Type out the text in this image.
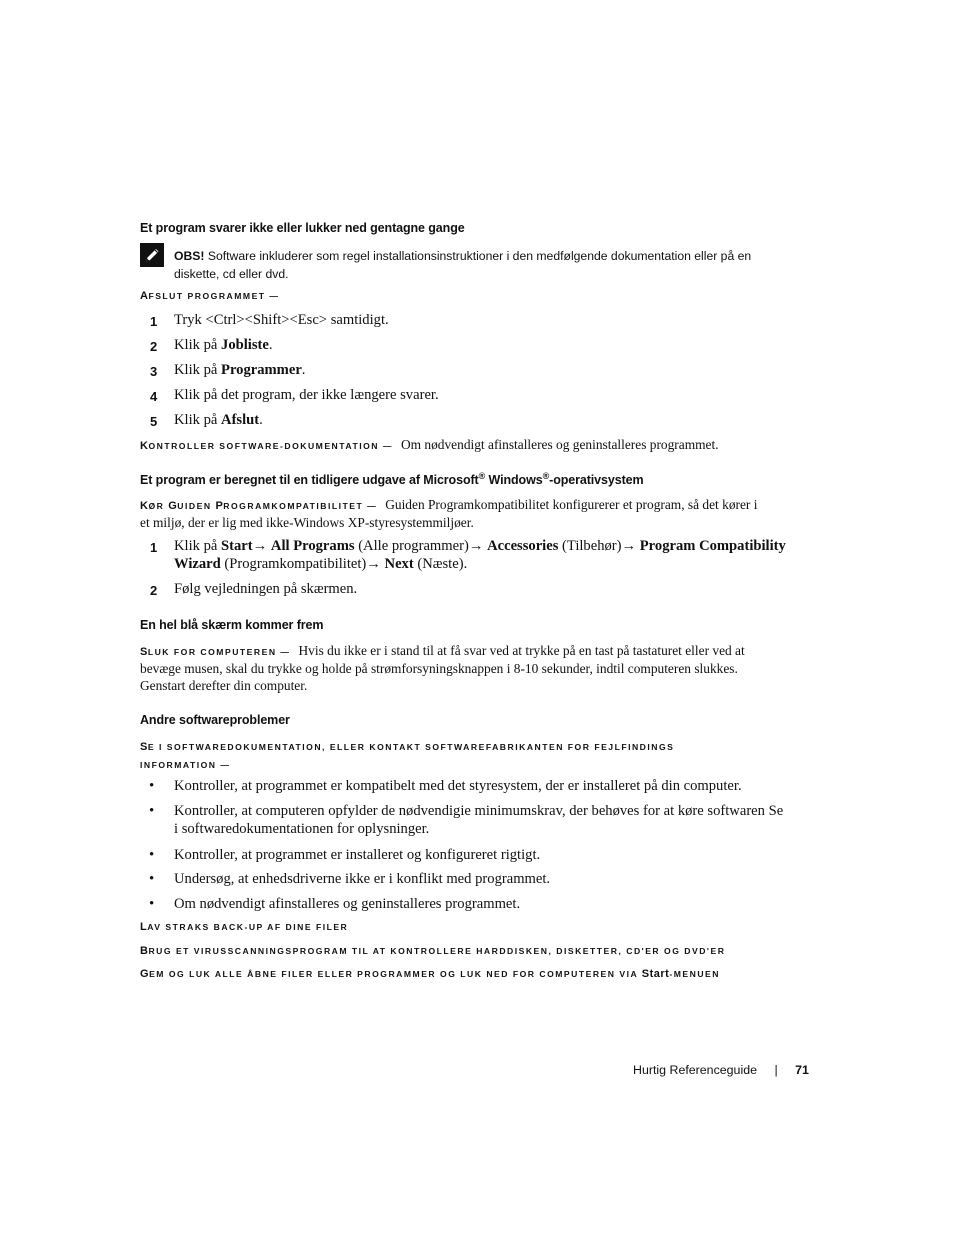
Et program svarer ikke eller lukker ned gentagne gange
OBS! Software inkluderer som regel installationsinstruktioner i den medfølgende dokumentation eller på en
diskette, cd eller dvd.
AFSLUT PROGRAMMET —
1 Tryk <Ctrl><Shift><Esc> samtidigt.
2 Klik på Jobliste.
3 Klik på Programmer.
4 Klik på det program, der ikke længere svarer.
5 Klik på Afslut.
KONTROLLER SOFTWARE-DOKUMENTATION — Om nødvendigt afinstalleres og geninstalleres programmet.
Et program er beregnet til en tidligere udgave af Microsoft® Windows®-operativsystem
KØR GUIDEN PROGRAMKOMPATIBILITET — Guiden Programkompatibilitet konfigurerer et program, så det kører i
et miljø, der er lig med ikke-Windows XP-styresystemmiljøer.
1 Klik på Start→ All Programs (Alle programmer)→ Accessories (Tilbehør)→ Program Compatibility
Wizard (Programkompatibilitet)→ Next (Næste).
2 Følg vejledningen på skærmen.
En hel blå skærm kommer frem
SLUK FOR COMPUTEREN — Hvis du ikke er i stand til at få svar ved at trykke på en tast på tastaturet eller ved at
bevæge musen, skal du trykke og holde på strømforsyningsknappen i 8-10 sekunder, indtil computeren slukkes.
Genstart derefter din computer.
Andre softwareproblemer
SE I SOFTWAREDOKUMENTATION, ELLER KONTAKT SOFTWAREFABRIKANTEN FOR FEJLFINDINGS
INFORMATION —
• Kontroller, at programmet er kompatibelt med det styresystem, der er installeret på din computer.
• Kontroller, at computeren opfylder de nødvendigie minimumskrav, der behøves for at køre softwaren Se
i softwaredokumentationen for oplysninger.
• Kontroller, at programmet er installeret og konfigureret rigtigt.
• Undersøg, at enhedsdriverne ikke er i konflikt med programmet.
• Om nødvendigt afinstalleres og geninstalleres programmet.
LAV STRAKS BACK-UP AF DINE FILER
BRUG ET VIRUSSCANNINGSPROGRAM TIL AT KONTROLLERE HARDDISKEN, DISKETTER, CD'ER OG DVD'ER
GEM OG LUK ALLE ÅBNE FILER ELLER PROGRAMMER OG LUK NED FOR COMPUTEREN VIA Start-MENUEN
Hurtig Referenceguide | 71
